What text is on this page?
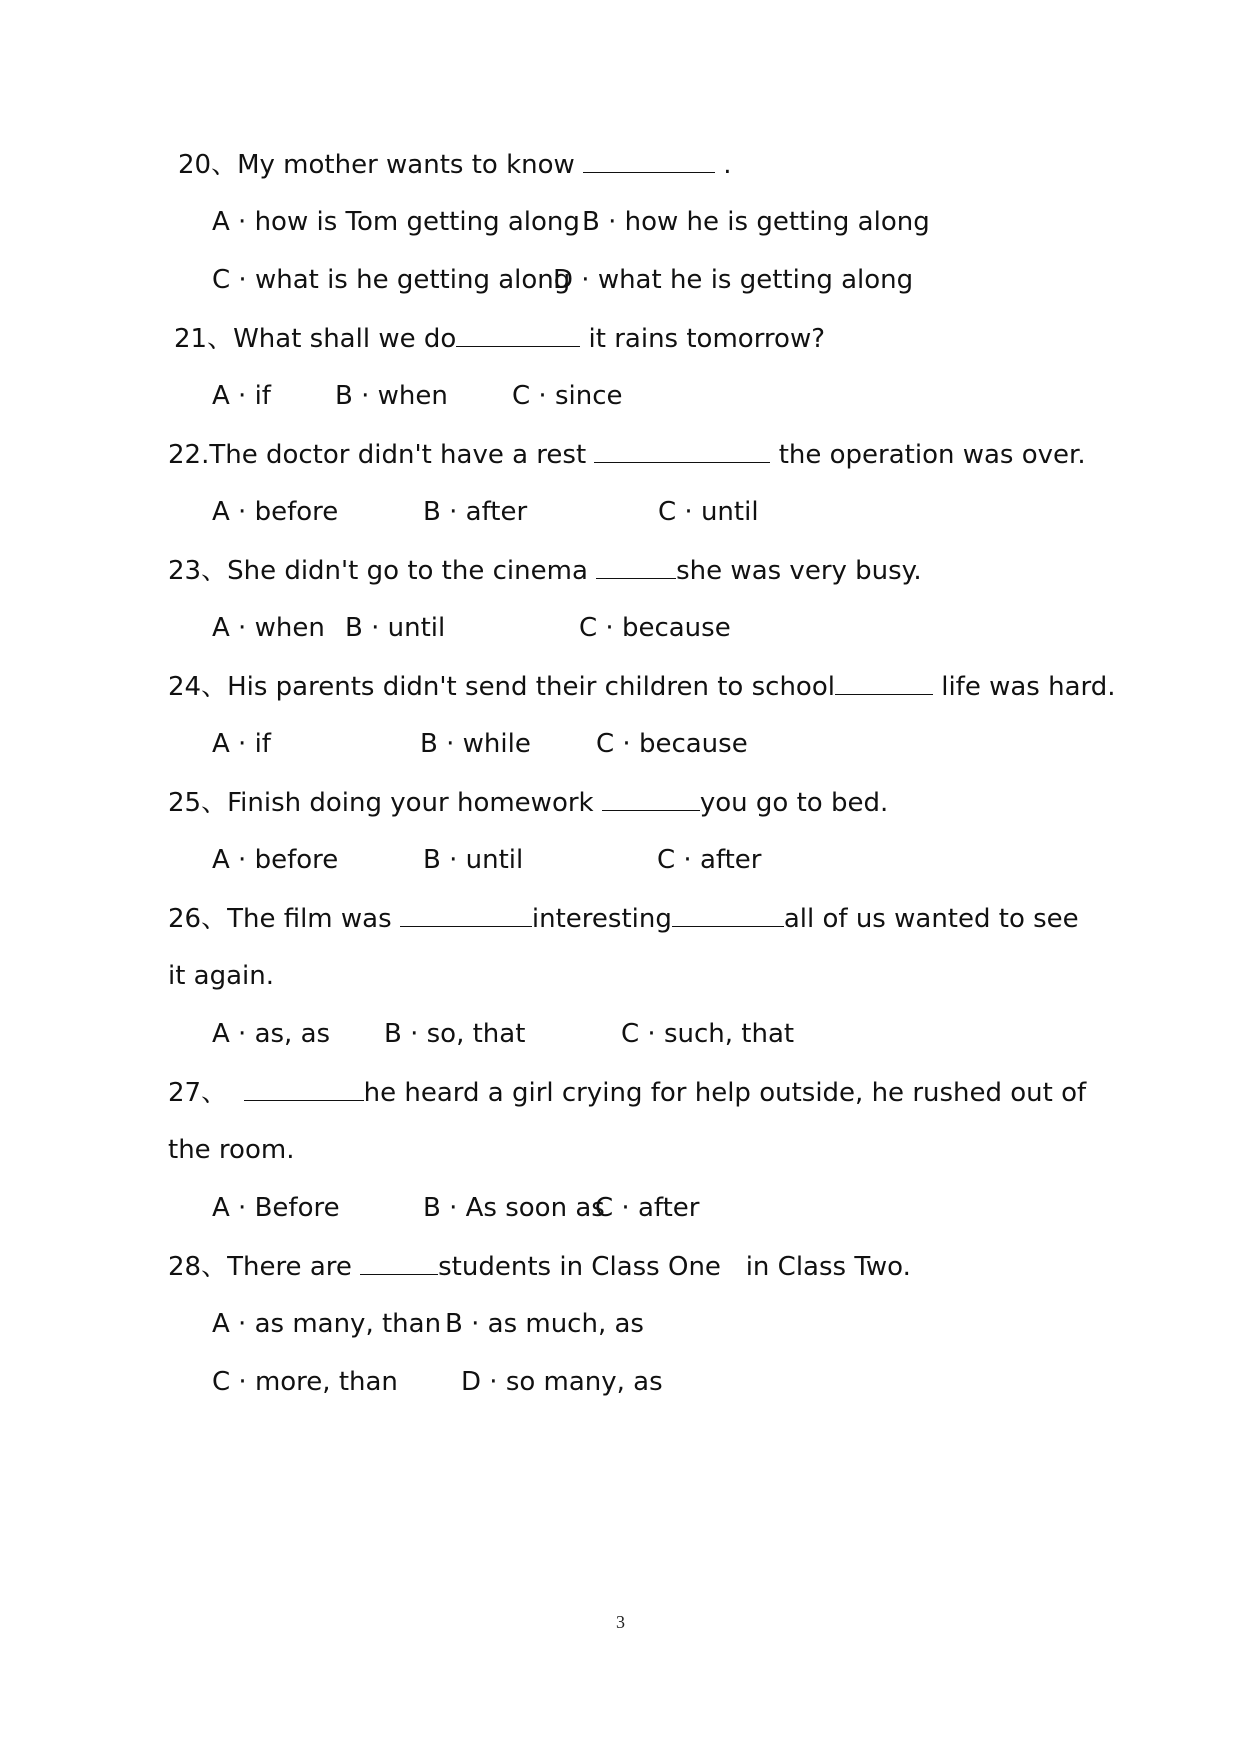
20、My mother wants to know	.
A · how is Tom getting along B · how he is getting along
C · what is he getting along
D · what he is getting along
21、What shall we do	it rains tomorrow?
A · if B · when C · since
22.The doctor didn't have a rest	the operation was over.
A · before	B · after	C · until
23、She didn't go to the cinema	she was very busy.
A · when B · until	C · because
24、His parents didn't send their children to school	life was hard.
A · if	B · while	C · because
25、Finish doing your homework	you go to bed.
A · before	B · until	C · after
26、The film was	interesting	all of us wanted to see
it again.
A · as, as B · so, that	C · such, that
27、	he heard a girl crying for help outside, he rushed out of
the room.
A · Before	B · As soon as
C · after
28、There are	students in Class One   in Class Two.
A · as many, than B · as much, as
C · more, than D · so many, as
3
